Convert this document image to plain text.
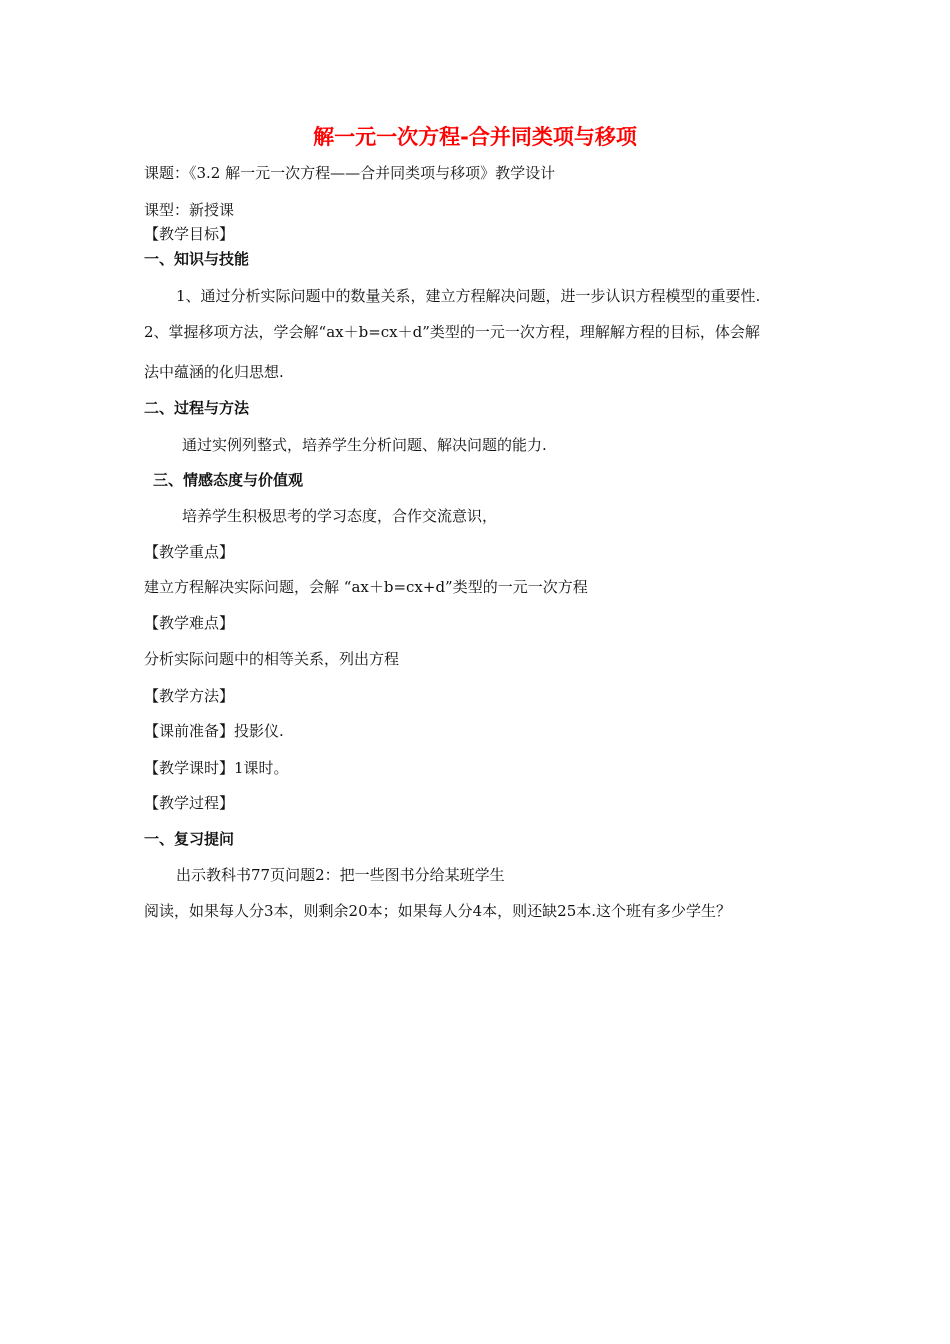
解一元一次方程-合并同类项与移项
课题：《3.2 解一元一次方程——合并同类项与移项》教学设计
课型：新授课
【教学目标】
一、知识与技能
1、通过分析实际问题中的数量关系，建立方程解决问题，进一步认识方程模型的重要性.
2、掌握移项方法，学会解“ax＋b=cx＋d”类型的一元一次方程，理解解方程的目标，体会解
法中蕴涵的化归思想.
二、过程与方法
通过实例列整式，培养学生分析问题、解决问题的能力.
三、情感态度与价值观
培养学生积极思考的学习态度，合作交流意识，
【教学重点】
建立方程解决实际问题，会解 “ax＋b=cx+d”类型的一元一次方程
【教学难点】
分析实际问题中的相等关系，列出方程
【教学方法】
【课前准备】投影仪.
【教学课时】1课时。
【教学过程】
一、复习提问
出示教科书77页问题2：把一些图书分给某班学生
阅读，如果每人分3本，则剩余20本；如果每人分4本，则还缺25本.这个班有多少学生？
